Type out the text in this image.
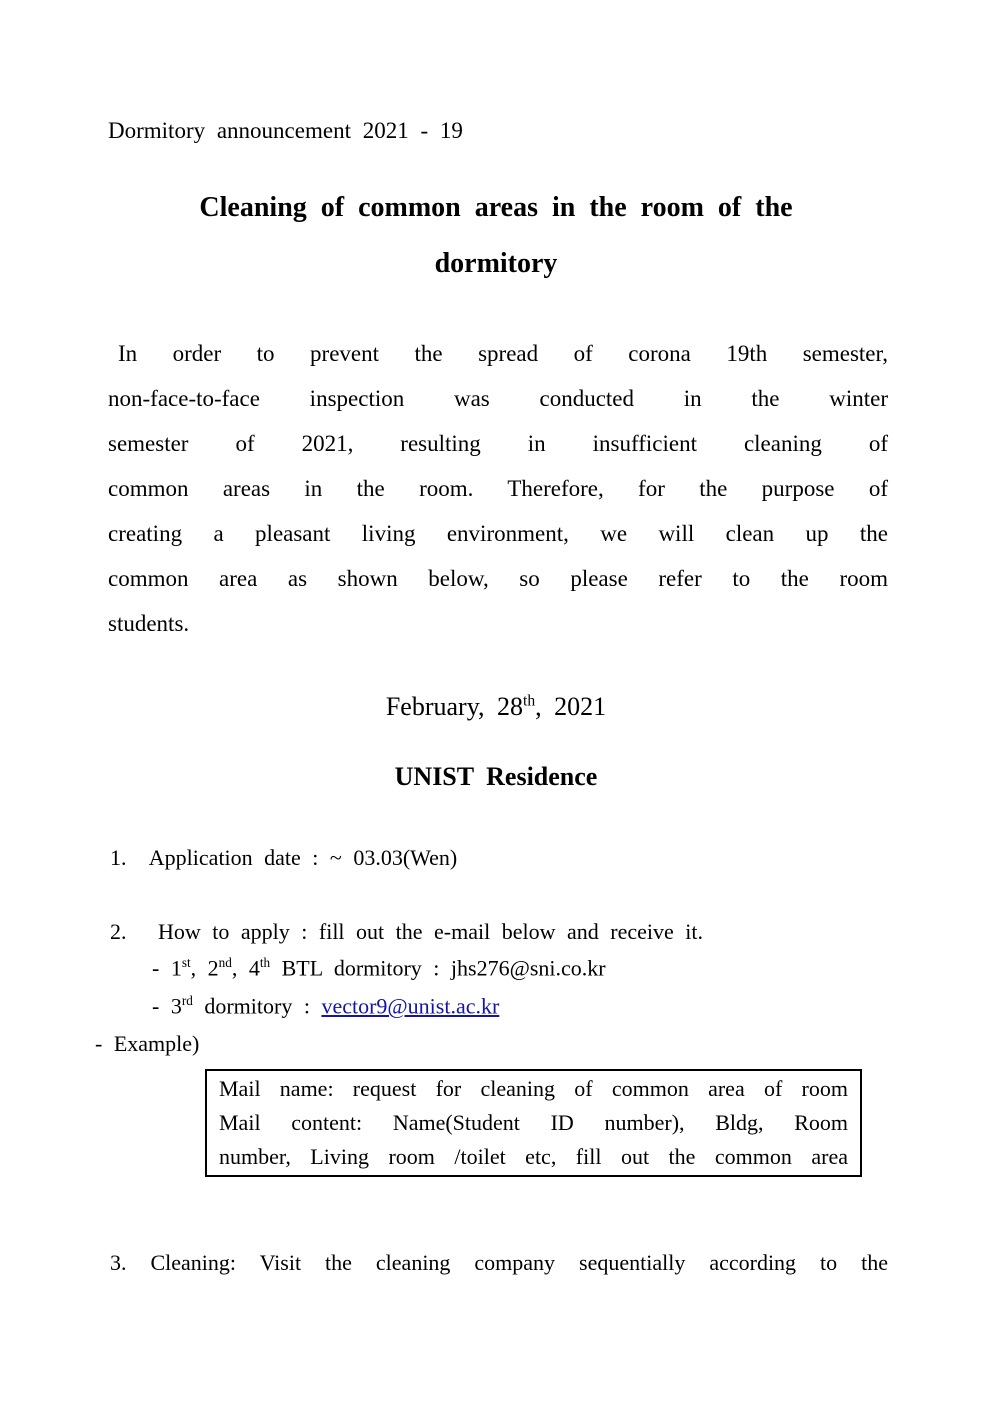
Dormitory announcement 2021 - 19
Cleaning of common areas in the room of the
dormitory
In order to prevent the spread of corona 19th semester,
non-face-to-face inspection was conducted in the winter
semester of 2021, resulting in insufficient cleaning of
common areas in the room. Therefore, for the purpose of
creating a pleasant living environment, we will clean up the
common area as shown below, so please refer to the room
students.
February, 28th, 2021
UNIST Residence
1. Application date : ~ 03.03(Wen)
2. How to apply : fill out the e-mail below and receive it.
- 1st, 2nd, 4th BTL dormitory : jhs276@sni.co.kr
- 3rd dormitory : vector9@unist.ac.kr
- Example)
Mail name: request for cleaning of common area of room
Mail content: Name(Student ID number), Bldg, Room
number, Living room /toilet etc, fill out the common area
3. Cleaning: Visit the cleaning company sequentially according to the
